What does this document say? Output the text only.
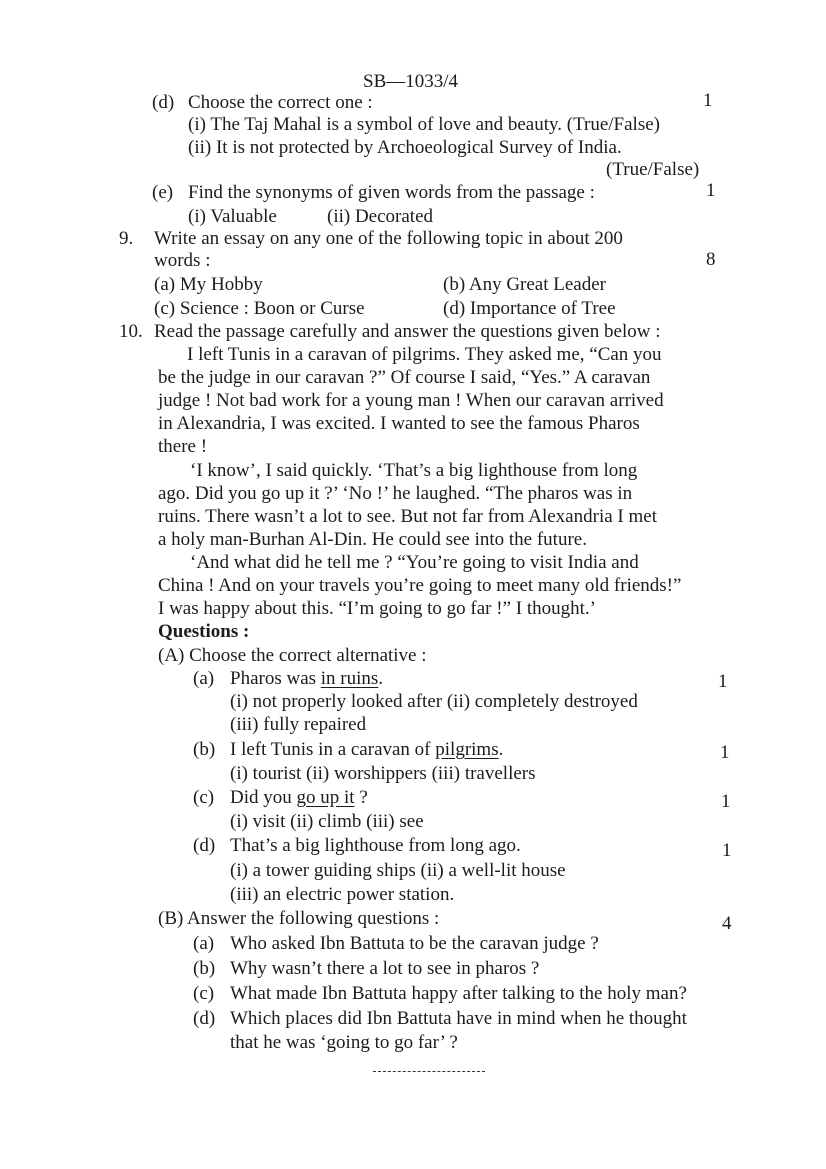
SB—1033/4
(d) Choose the correct one :	1
(i) The Taj Mahal is a symbol of love and beauty. (True/False)
(ii) It is not protected by Archoeological Survey of India.
(True/False)
(e) Find the synonyms of given words from the passage :	1
(i) Valuable	(ii) Decorated
9. Write an essay on any one of the following topic in about 200
words :	8
(a) My Hobby	(b) Any Great Leader
(c) Science : Boon or Curse	(d) Importance of Tree
10. Read the passage carefully and answer the questions given below :
I left Tunis in a caravan of pilgrims. They asked me, “Can you
be the judge in our caravan ?” Of course I said, “Yes.” A caravan
judge ! Not bad work for a young man ! When our caravan arrived
in Alexandria, I was excited. I wanted to see the famous Pharos
there !
‘I know’, I said quickly. ‘That’s a big lighthouse from long
ago. Did you go up it ?’ ‘No !’ he laughed. “The pharos was in
ruins. There wasn’t a lot to see. But not far from Alexandria I met
a holy man-Burhan Al-Din. He could see into the future.
‘And what did he tell me ? “You’re going to visit India and
China ! And on your travels you’re going to meet many old friends!”
I was happy about this. “I’m going to go far !” I thought.’
Questions :
(A) Choose the correct alternative :
(a) Pharos was in ruins.	1
(i) not properly looked after (ii) completely destroyed
(iii) fully repaired
(b) I left Tunis in a caravan of pilgrims.	1
(i) tourist (ii) worshippers (iii) travellers
(c) Did you go up it ?	1
(i) visit (ii) climb (iii) see
(d) That’s a big lighthouse from long ago.	1
(i) a tower guiding ships (ii) a well-lit house
(iii) an electric power station.
(B) Answer the following questions :	4
(a) Who asked Ibn Battuta to be the caravan judge ?
(b) Why wasn’t there a lot to see in pharos ?
(c) What made Ibn Battuta happy after talking to the holy man?
(d) Which places did Ibn Battuta have in mind when he thought
that he was ‘going to go far’ ?
